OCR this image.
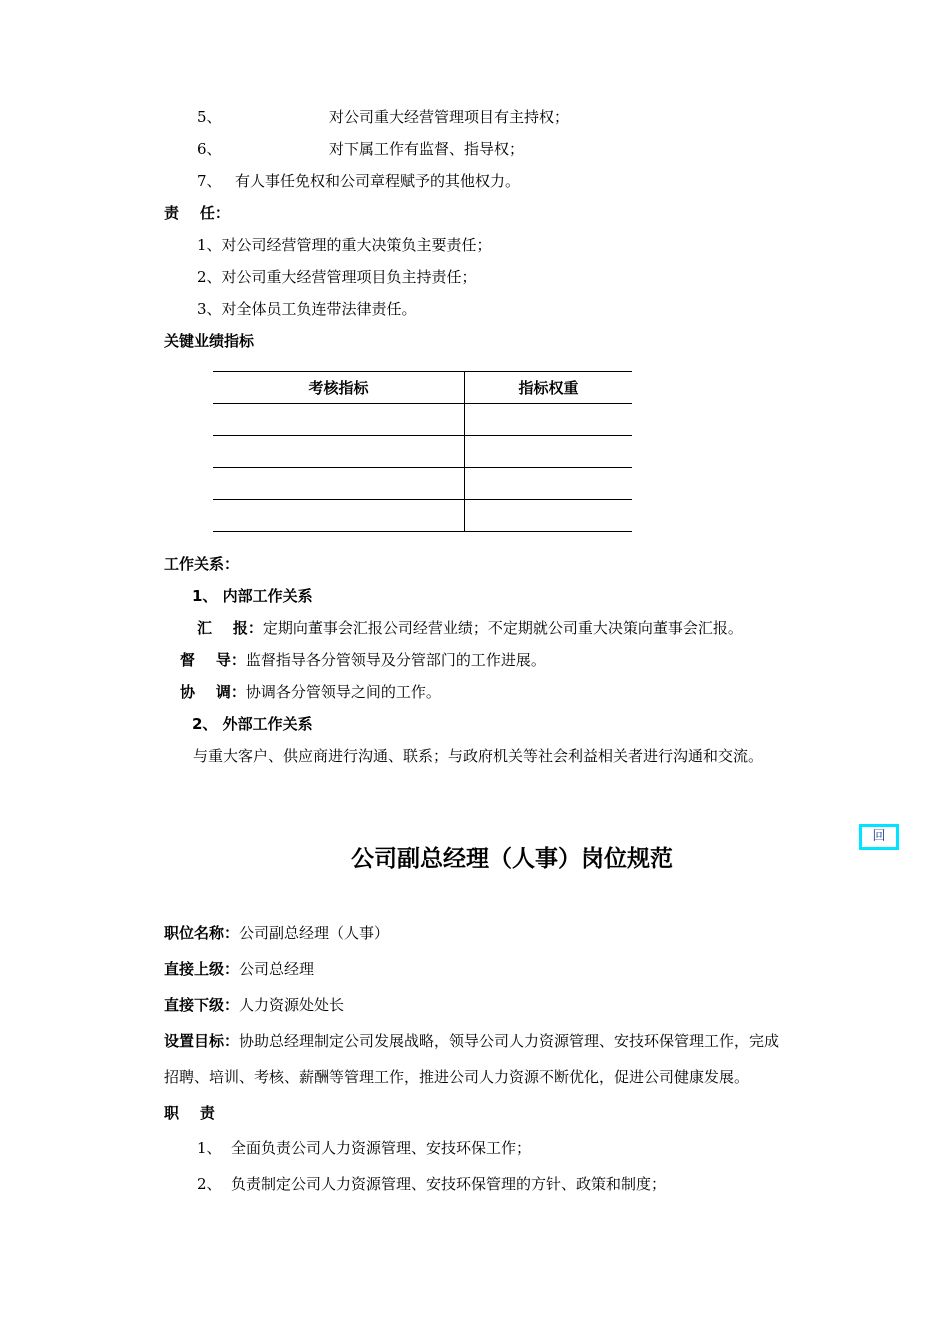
5、	对公司重大经营管理项目有主持权；
6、	对下属工作有监督、指导权；
7、 有人事任免权和公司章程赋予的其他权力。
责    任：
1、对公司经营管理的重大决策负主要责任；
2、对公司重大经营管理项目负主持责任；
3、对全体员工负连带法律责任。
关键业绩指标
考核指标	指标权重

工作关系：
1、 内部工作关系
汇    报：定期向董事会汇报公司经营业绩；不定期就公司重大决策向董事会汇报。
督    导：监督指导各分管领导及分管部门的工作进展。
协    调：协调各分管领导之间的工作。
2、 外部工作关系
与重大客户、供应商进行沟通、联系；与政府机关等社会利益相关者进行沟通和交流。
回
公司副总经理（人事）岗位规范
职位名称：公司副总经理（人事）
直接上级：公司总经理
直接下级：人力资源处处长
设置目标：协助总经理制定公司发展战略，领导公司人力资源管理、安技环保管理工作，完成
招聘、培训、考核、薪酬等管理工作，推进公司人力资源不断优化，促进公司健康发展。
职    责
1、 全面负责公司人力资源管理、安技环保工作；
2、 负责制定公司人力资源管理、安技环保管理的方针、政策和制度；
